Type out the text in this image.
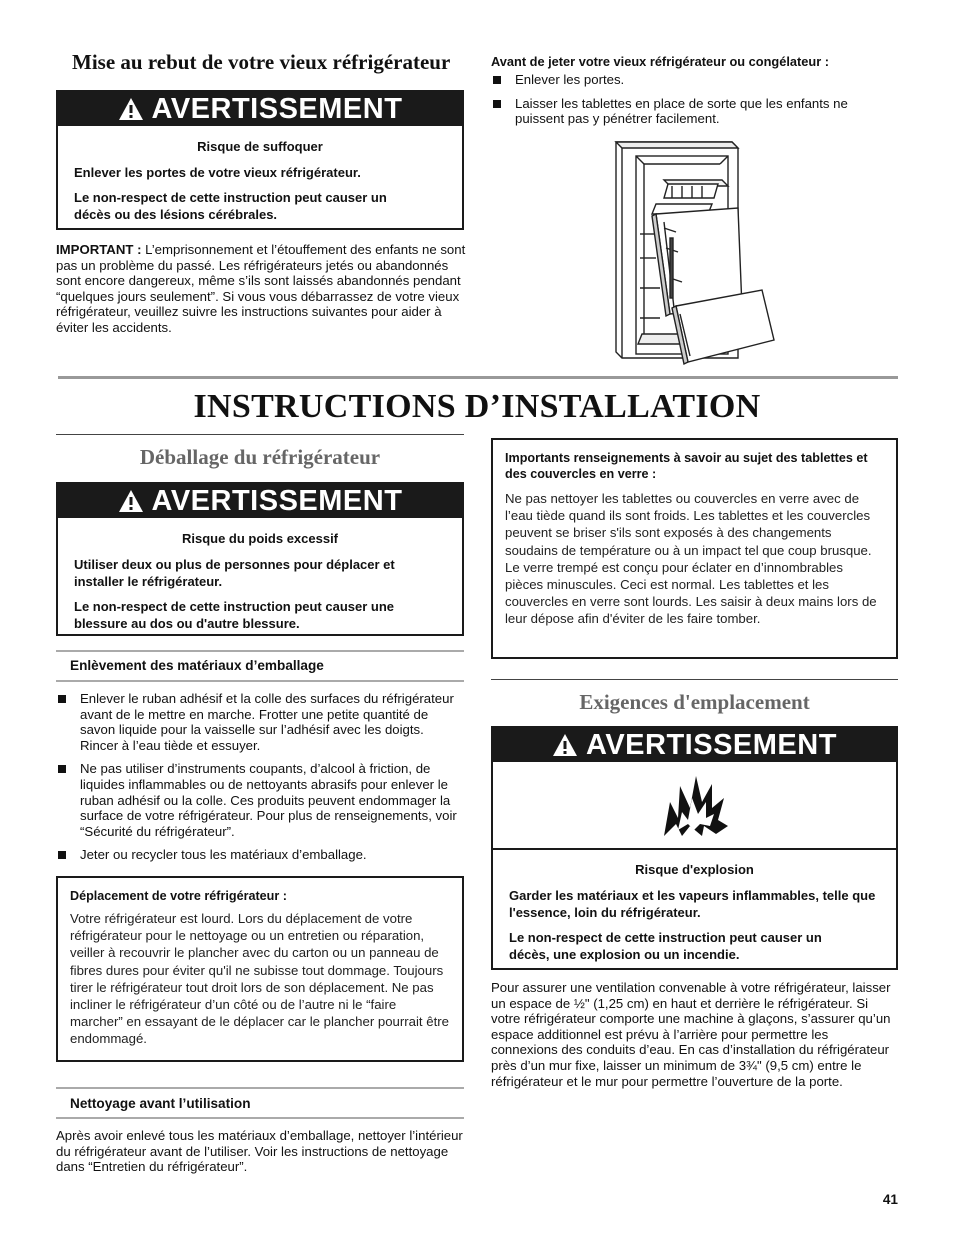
Mise au rebut de votre vieux réfrigérateur
AVERTISSEMENT
Risque de suffoquer

Enlever les portes de votre vieux réfrigérateur.

Le non-respect de cette instruction peut causer un décès ou des lésions cérébrales.

IMPORTANT : L’emprisonnement et l’étouffement des enfants ne sont pas un problème du passé. Les réfrigérateurs jetés ou abandonnés sont encore dangereux, même s’ils sont laissés abandonnés pendant “quelques jours seulement”. Si vous vous débarrassez de votre vieux réfrigérateur, veuillez suivre les instructions suivantes pour aider à éviter les accidents.

Avant de jeter votre vieux réfrigérateur ou congélateur :
Enlever les portes.
Laisser les tablettes en place de sorte que les enfants ne puissent pas y pénétrer facilement.
INSTRUCTIONS D’INSTALLATION
Déballage du réfrigérateur
AVERTISSEMENT
Risque du poids excessif

Utiliser deux ou plus de personnes pour déplacer et installer le réfrigérateur.

Le non-respect de cette instruction peut causer une blessure au dos ou d'autre blessure.

Enlèvement des matériaux d’emballage
Enlever le ruban adhésif et la colle des surfaces du réfrigérateur avant de le mettre en marche. Frotter une petite quantité de savon liquide pour la vaisselle sur l’adhésif avec les doigts. Rincer à l’eau tiède et essuyer.
Ne pas utiliser d’instruments coupants, d’alcool à friction, de liquides inflammables ou de nettoyants abrasifs pour enlever le ruban adhésif ou la colle. Ces produits peuvent endommager la surface de votre réfrigérateur. Pour plus de renseignements, voir “Sécurité du réfrigérateur”.
Jeter ou recycler tous les matériaux d’emballage.
Déplacement de votre réfrigérateur :
Votre réfrigérateur est lourd. Lors du déplacement de votre réfrigérateur pour le nettoyage ou un entretien ou réparation, veiller à recouvrir le plancher avec du carton ou un panneau de fibres dures pour éviter qu'il ne subisse tout dommage. Toujours tirer le réfrigérateur tout droit lors de son déplacement. Ne pas incliner le réfrigérateur d’un côté ou de l’autre ni le “faire marcher” en essayant de le déplacer car le plancher pourrait être endommagé.
Nettoyage avant l’utilisation

Après avoir enlevé tous les matériaux d’emballage, nettoyer l’intérieur du réfrigérateur avant de l’utiliser. Voir les instructions de nettoyage dans “Entretien du réfrigérateur”.

Importants renseignements à savoir au sujet des tablettes et des couvercles en verre :
Ne pas nettoyer les tablettes ou couvercles en verre avec de l’eau tiède quand ils sont froids. Les tablettes et les couvercles peuvent se briser s'ils sont exposés à des changements soudains de température ou à un impact tel que coup brusque. Le verre trempé est conçu pour éclater en d’innombrables pièces minuscules. Ceci est normal. Les tablettes et les couvercles en verre sont lourds. Les saisir à deux mains lors de leur dépose afin d'éviter de les faire tomber.
Exigences d'emplacement
AVERTISSEMENT
Risque d'explosion

Garder les matériaux et les vapeurs inflammables, telle que l'essence, loin du réfrigérateur.

Le non-respect de cette instruction peut causer un décès, une explosion ou un incendie.

Pour assurer une ventilation convenable à votre réfrigérateur, laisser un espace de ½" (1,25 cm) en haut et derrière le réfrigérateur. Si votre réfrigérateur comporte une machine à glaçons, s’assurer qu’un espace additionnel est prévu à l’arrière pour permettre les connexions des conduits d’eau. En cas d’installation du réfrigérateur près d’un mur fixe, laisser un minimum de 3¾" (9,5 cm) entre le réfrigérateur et le mur pour permettre l’ouverture de la porte.

41
